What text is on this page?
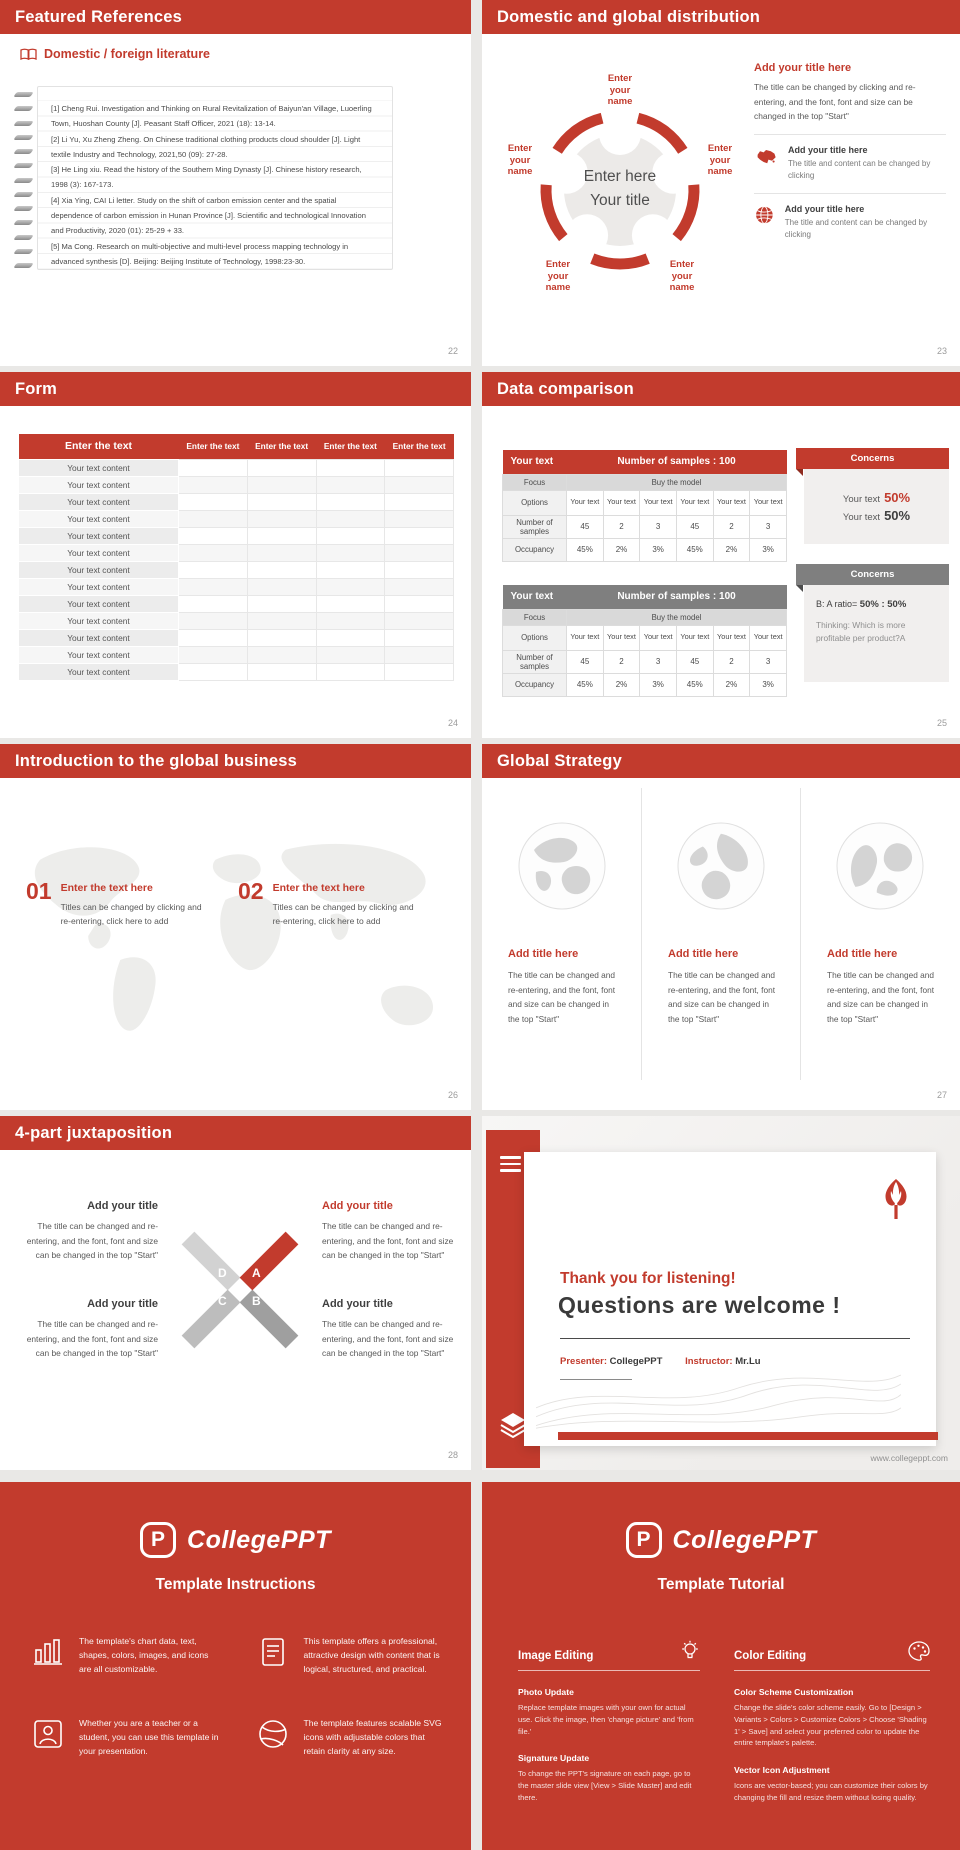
Featured References
Domestic / foreign literature

[1] Cheng Rui. Investigation and Thinking on Rural Revitalization of Baiyun'an Village, Luoerling Town, Huoshan County [J]. Peasant Staff Officer, 2021 (18): 13-14.

[2] Li Yu, Xu Zheng Zheng. On Chinese traditional clothing products cloud shoulder [J]. Light textile Industry and Technology, 2021,50 (09): 27-28.

[3] He Ling xiu. Read the history of the Southern Ming Dynasty [J]. Chinese history research, 1998 (3): 167-173.

[4] Xia Ying, CAI Li letter. Study on the shift of carbon emission center and the spatial dependence of carbon emission in Hunan Province [J]. Scientific and technological Innovation and Productivity, 2020 (01): 25-29 + 33.

[5] Ma Cong. Research on multi-objective and multi-level process mapping technology in advanced synthesis [D]. Beijing: Beijing Institute of Technology, 1998:23-30.

22
Domestic and global distribution
Enter here
Your title
Enter your name
Enter your name
Enter your name
Enter your name
Enter your name
Add your title here
The title can be changed by clicking and re-entering, and the font, font and size can be changed in the top "Start"
Add your title here
The title and content can be changed by clicking
Add your title here
The title and content can be changed by clicking
23
Form
Enter the text	Enter the text	Enter the text	Enter the text	Enter the text
Your text content				
Your text content				
Your text content				
Your text content				
Your text content				
Your text content				
Your text content				
Your text content				
Your text content				
Your text content				
Your text content				
Your text content				
Your text content				
24
Data comparison
Your text	Number of samples : 100					
Focus	Buy the model					
Options	Your text	Your text	Your text	Your text	Your text	Your text
Number of samples	45	2	3	45	2	3
Occupancy	45%	2%	3%	45%	2%	3%
Your text	Number of samples : 100					
Focus	Buy the model					
Options	Your text	Your text	Your text	Your text	Your text	Your text
Number of samples	45	2	3	45	2	3
Occupancy	45%	2%	3%	45%	2%	3%
Concerns
Your text 50%
Your text 50%
Concerns
B: A ratio= 50% : 50%
Thinking: Which is more profitable per product?A
25
Introduction to the global business
01 Enter the text here
Titles can be changed by clicking and re-entering, click here to add
02 Enter the text here
Titles can be changed by clicking and re-entering, click here to add
26
Global Strategy
Add title here
The title can be changed and re-entering, and the font, font and size can be changed in the top "Start"
Add title here
The title can be changed and re-entering, and the font, font and size can be changed in the top "Start"
Add title here
The title can be changed and re-entering, and the font, font and size can be changed in the top "Start"
27
4-part juxtaposition
Add your title
The title can be changed and re-entering, and the font, font and size can be changed in the top "Start"
Add your title
The title can be changed and re-entering, and the font, font and size can be changed in the top "Start"
Add your title
The title can be changed and re-entering, and the font, font and size can be changed in the top "Start"
Add your title
The title can be changed and re-entering, and the font, font and size can be changed in the top "Start"
D A
C B
28
Thank you for listening!
Questions are welcome !
Presenter: CollegePPT Instructor: Mr.Lu
www.collegeppt.com
P CollegePPT
Template Instructions

The template's chart data, text, shapes, colors, images, and icons are all customizable.

This template offers a professional, attractive design with content that is logical, structured, and practical.

Whether you are a teacher or a student, you can use this template in your presentation.

The template features scalable SVG icons with adjustable colors that retain clarity at any size.

P CollegePPT
Template Tutorial
Image Editing
Photo Update
Replace template images with your own for actual use. Click the image, then 'change picture' and 'from file.'
Signature Update
To change the PPT's signature on each page, go to the master slide view [View > Slide Master] and edit there.
Color Editing
Color Scheme Customization
Change the slide's color scheme easily. Go to [Design > Variants > Colors > Customize Colors > Choose 'Shading 1' > Save] and select your preferred color to update the entire template's palette.
Vector Icon Adjustment
Icons are vector-based; you can customize their colors by changing the fill and resize them without losing quality.
